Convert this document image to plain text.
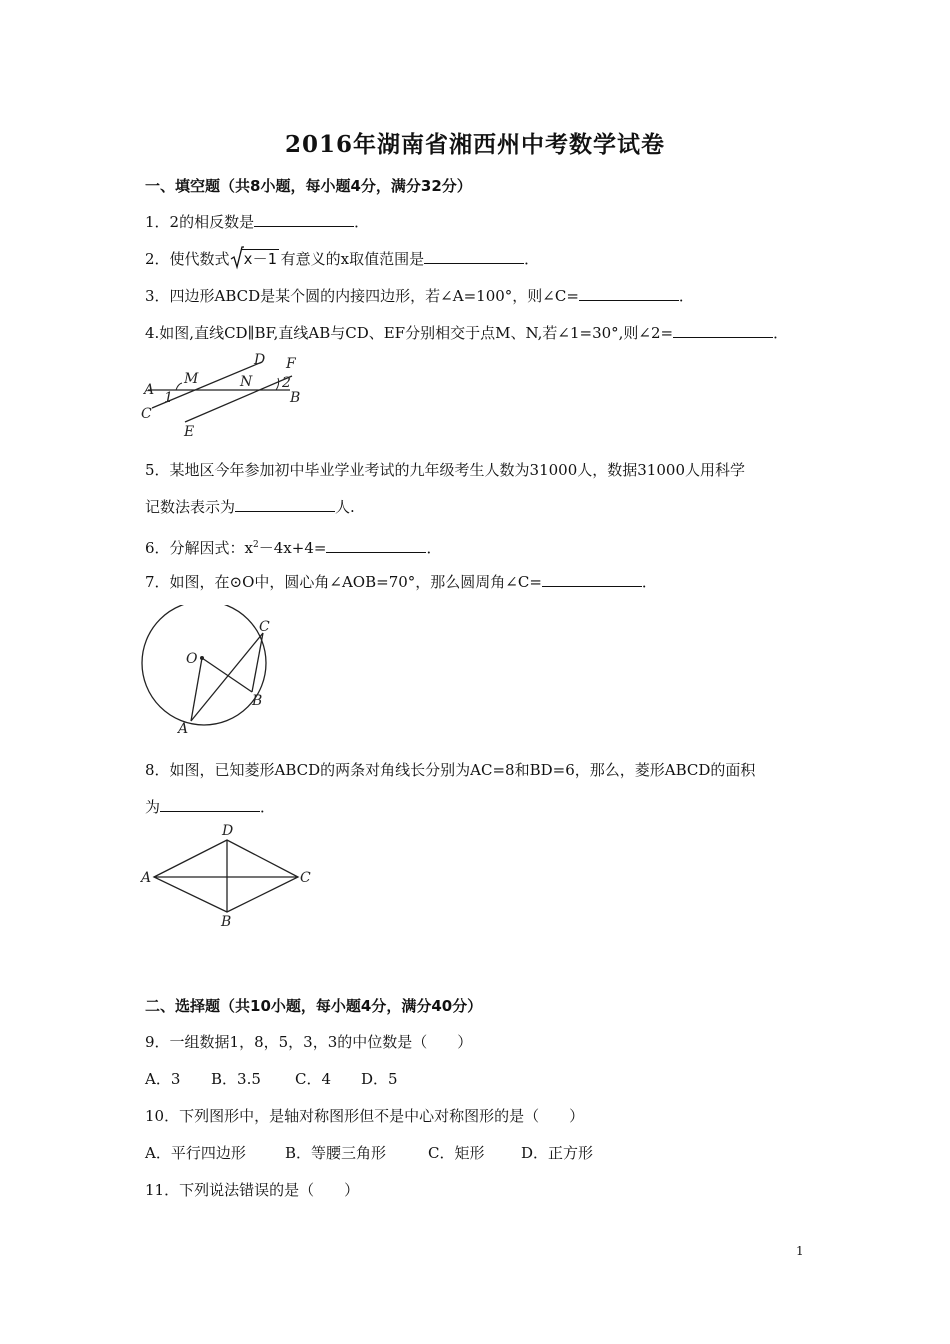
2016年湖南省湘西州中考数学试卷
一、填空题（共8小题，每小题4分，满分32分）
1．2的相反数是	．
2．使代数式 x－1 有意义的x取值范围是	．
3．四边形ABCD是某个圆的内接四边形，若∠A=100°，则∠C=	．
4.如图,直线CD∥BF,直线AB与CD、EF分别相交于点M、N,若∠1=30°,则∠2=	．
A
M
D
N
F
2
B
1
C
E
5．某地区今年参加初中毕业学业考试的九年级考生人数为31000人，数据31000人用科学
记数法表示为	人.
6．分解因式：$x^2-4x+4=$	．
7．如图，在⊙O中，圆心角∠AOB=70°，那么圆周角∠C=	．
O
C
B
A
8．如图，已知菱形ABCD的两条对角线长分别为AC=8和BD=6，那么，菱形ABCD的面积
为	．
D
A	C
B
二、选择题（共10小题，每小题4分，满分40分）
9．一组数据1，8，5，3，3的中位数是（　　）
A．3 B．3.5 C．4 D．5
10．下列图形中，是轴对称图形但不是中心对称图形的是（　　）
A．平行四边形	B．等腰三角形	C．矩形 D．正方形
11．下列说法错误的是（　　）
1
